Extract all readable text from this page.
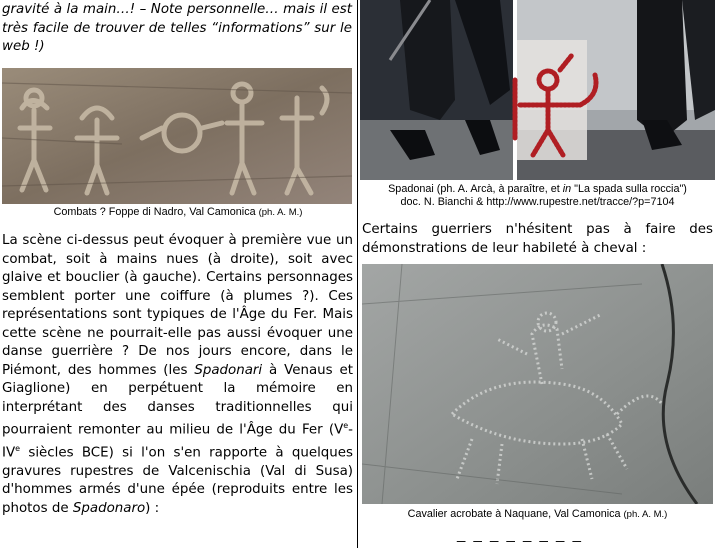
gravité à la main…! – Note personnelle… mais il est très facile de trouver de telles “informations” sur le web !)
Combats ? Foppe di Nadro, Val Camonica (ph. A. M.)
La scène ci-dessus peut évoquer à première vue un combat, soit à mains nues (à droite), soit avec glaive et bouclier (à gauche). Certains personnages semblent porter une coiffure (à plumes ?). Ces représentations sont typiques de l'Âge du Fer. Mais cette scène ne pourrait-elle pas aussi évoquer une danse guerrière ? De nos jours encore, dans le Piémont, des hommes (les Spadonari à Venaus et Giaglione) en perpétuent la mémoire en interprétant des danses traditionnelles qui pourraient remonter au milieu de l'Âge du Fer (Ve-IVe siècles BCE) si l'on s'en rapporte à quelques gravures rupestres de Valcenischia (Val di Susa) d'hommes armés d'une épée (reproduits entre les photos de Spadonaro) :
Spadonai (ph. A. Arcà, à paraître, et in "La spada sulla roccia")
doc. N. Bianchi & http://www.rupestre.net/tracce/?p=7104
Certains guerriers n'hésitent pas à faire des démonstrations de leur habileté à cheval :
Cavalier acrobate à Naquane, Val Camonica (ph. A. M.)
_ _ _ _ _ _ _ _
